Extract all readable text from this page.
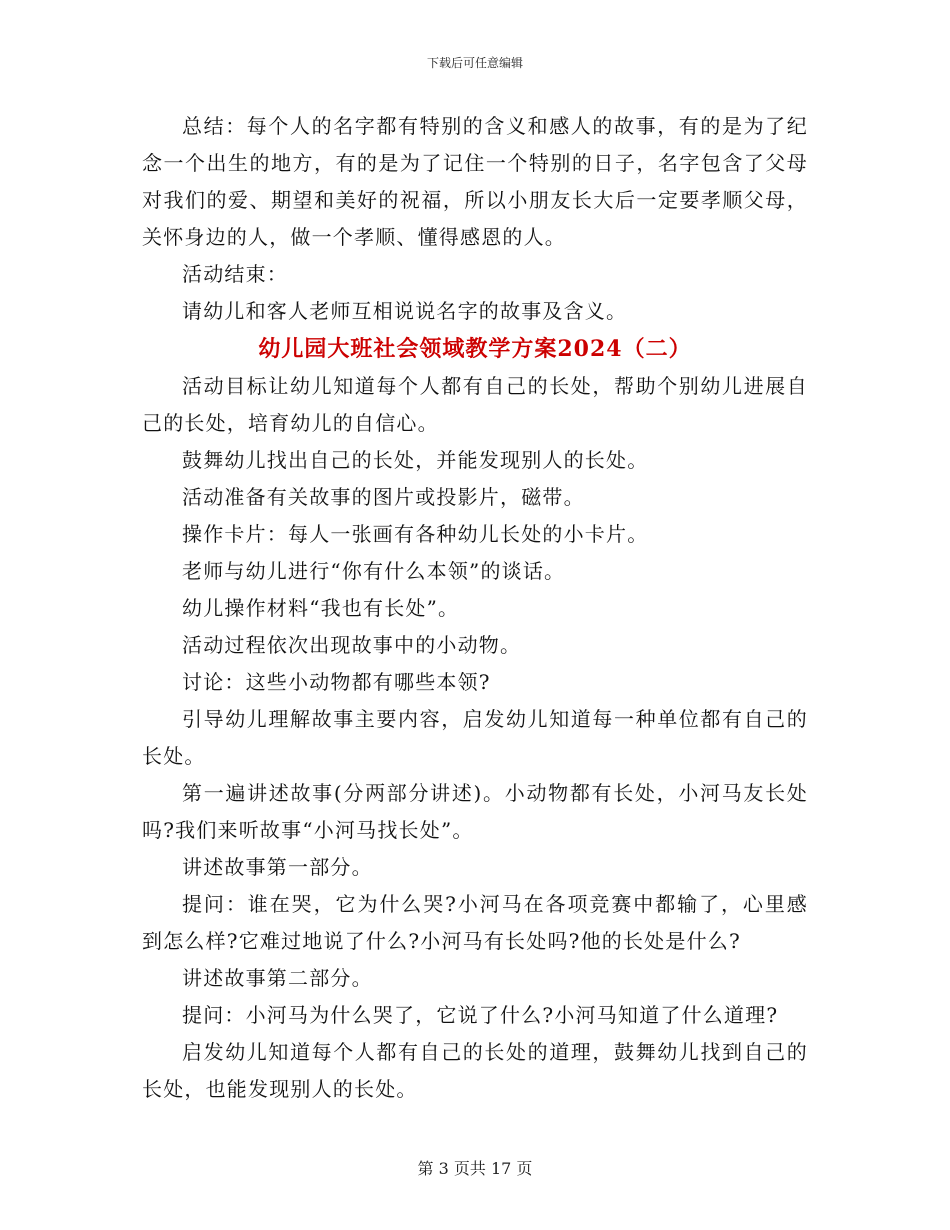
下载后可任意编辑

总结：每个人的名字都有特别的含义和感人的故事，有的是为了纪念一个出生的地方，有的是为了记住一个特别的日子，名字包含了父母对我们的爱、期望和美好的祝福，所以小朋友长大后一定要孝顺父母，关怀身边的人，做一个孝顺、懂得感恩的人。

活动结束：

请幼儿和客人老师互相说说名字的故事及含义。

幼儿园大班社会领域教学方案2024（二）

活动目标让幼儿知道每个人都有自己的长处，帮助个别幼儿进展自己的长处，培育幼儿的自信心。

鼓舞幼儿找出自己的长处，并能发现别人的长处。

活动准备有关故事的图片或投影片，磁带。

操作卡片：每人一张画有各种幼儿长处的小卡片。

老师与幼儿进行“你有什么本领”的谈话。

幼儿操作材料“我也有长处”。

活动过程依次出现故事中的小动物。

讨论：这些小动物都有哪些本领?

引导幼儿理解故事主要内容，启发幼儿知道每一种单位都有自己的长处。

第一遍讲述故事(分两部分讲述)。小动物都有长处，小河马友长处吗?我们来听故事“小河马找长处”。

讲述故事第一部分。

提问：谁在哭，它为什么哭?小河马在各项竞赛中都输了，心里感到怎么样?它难过地说了什么?小河马有长处吗?他的长处是什么?

讲述故事第二部分。

提问：小河马为什么哭了，它说了什么?小河马知道了什么道理?

启发幼儿知道每个人都有自己的长处的道理，鼓舞幼儿找到自己的长处，也能发现别人的长处。

第 3 页共 17 页
